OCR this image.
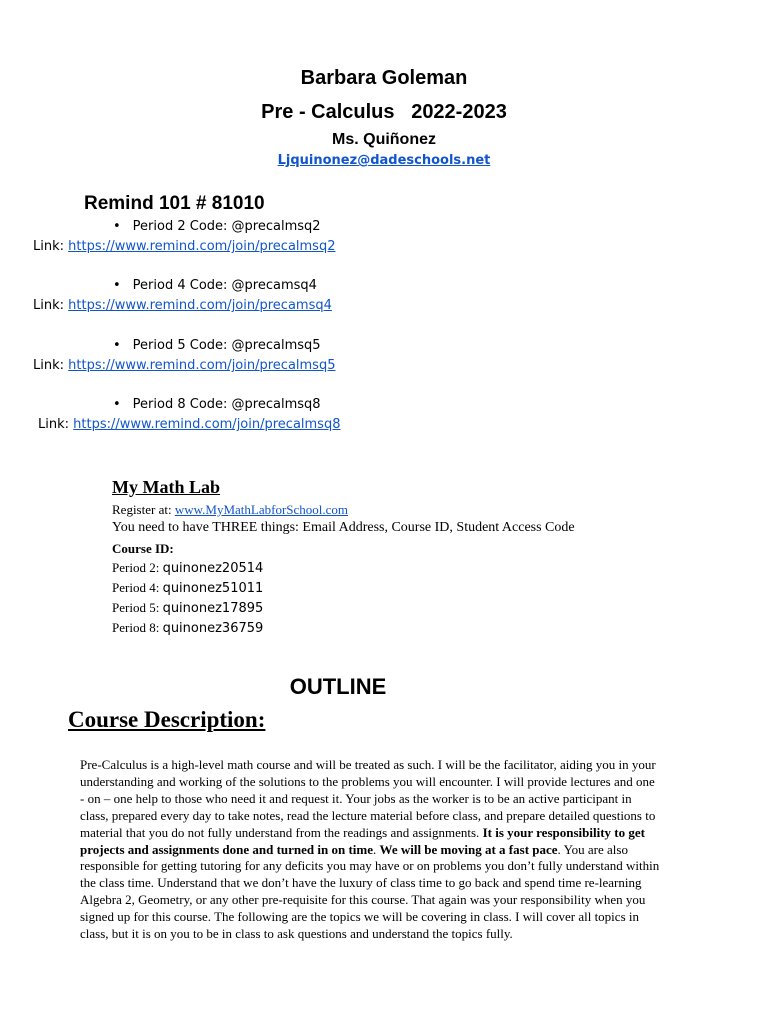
Barbara Goleman
Pre - Calculus   2022-2023
Ms. Quiñonez
Ljquinonez@dadeschools.net
Remind 101 # 81010
• Period 2 Code: @precalmsq2
Link: https://www.remind.com/join/precalmsq2
• Period 4 Code: @precamsq4
Link: https://www.remind.com/join/precamsq4
• Period 5 Code: @precalmsq5
Link: https://www.remind.com/join/precalmsq5
• Period 8 Code: @precalmsq8
Link: https://www.remind.com/join/precalmsq8
My Math Lab
Register at: www.MyMathLabforSchool.com
You need to have THREE things: Email Address, Course ID, Student Access Code
Course ID:
Period 2: quinonez20514
Period 4: quinonez51011
Period 5: quinonez17895
Period 8: quinonez36759
OUTLINE
Course Description:
Pre-Calculus is a high-level math course and will be treated as such. I will be the facilitator, aiding you in your understanding and working of the solutions to the problems you will encounter. I will provide lectures and one - on – one help to those who need it and request it. Your jobs as the worker is to be an active participant in class, prepared every day to take notes, read the lecture material before class, and prepare detailed questions to material that you do not fully understand from the readings and assignments. It is your responsibility to get projects and assignments done and turned in on time. We will be moving at a fast pace. You are also responsible for getting tutoring for any deficits you may have or on problems you don’t fully understand within the class time. Understand that we don’t have the luxury of class time to go back and spend time re-learning Algebra 2, Geometry, or any other pre-requisite for this course. That again was your responsibility when you signed up for this course. The following are the topics we will be covering in class. I will cover all topics in class, but it is on you to be in class to ask questions and understand the topics fully.
